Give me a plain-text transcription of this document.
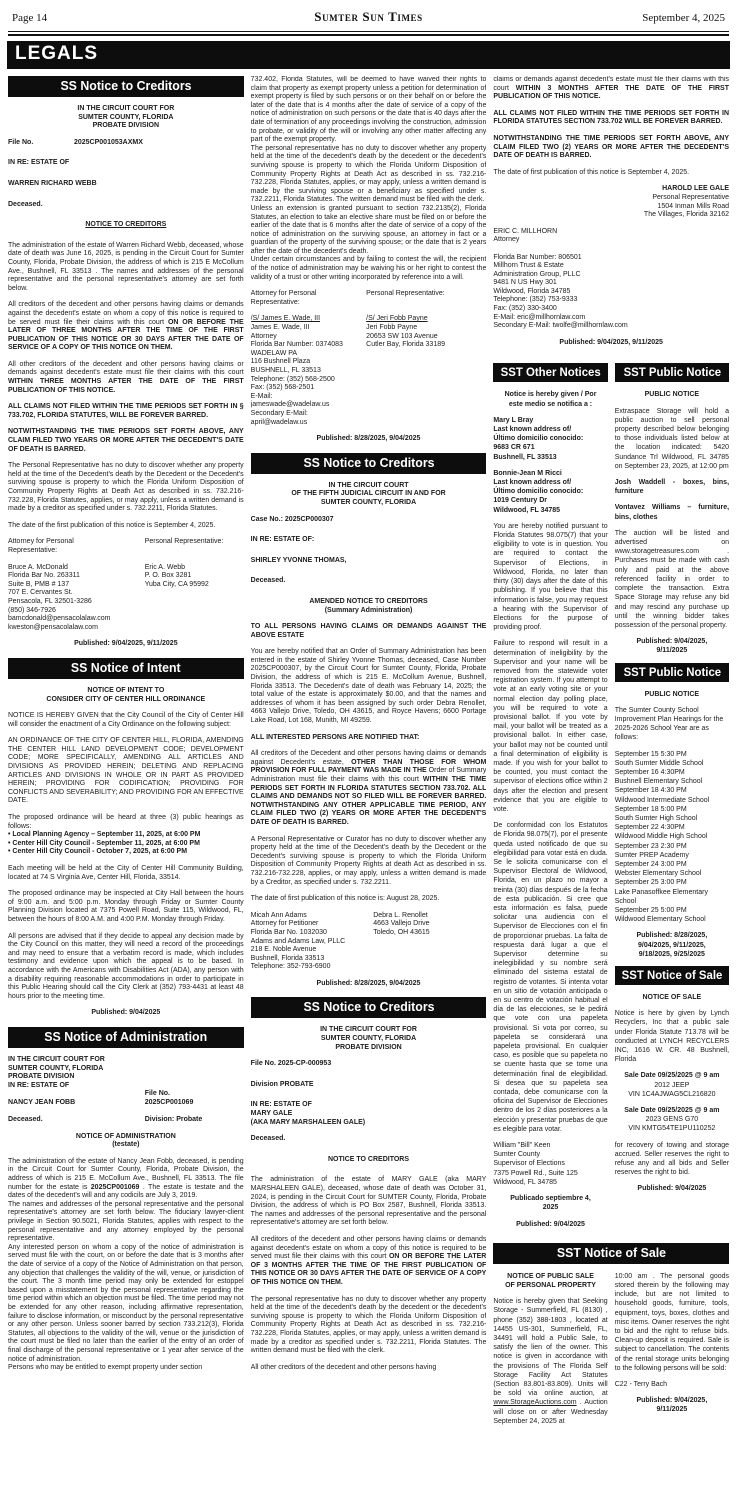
Page 14	Sumter Sun Times	September 4, 2025
LEGALS
SS Notice to Creditors
IN THE CIRCUIT COURT FOR
SUMTER COUNTY, FLORIDA
PROBATE DIVISION
File No.	2025CP001053AXMX
IN RE: ESTATE OF
WARREN RICHARD WEBB
Deceased.
NOTICE TO CREDITORS
The administration of the estate of Warren Richard Webb, deceased, whose date of death was June 16, 2025, is pending in the Circuit Court for Sumter County, Florida, Probate Division, the address of which is 215 E McCollum Ave., Bushnell, FL 33513 . The names and addresses of the personal representative and the personal representative's attorney are set forth below.
All creditors of the decedent and other persons having claims or demands against the decedent's estate on whom a copy of this notice is required to be served must file their claims with this court ON OR BEFORE THE LATER OF THREE MONTHS AFTER THE TIME OF THE FIRST PUBLICATION OF THIS NOTICE OR 30 DAYS AFTER THE DATE OF SERVICE OF A COPY OF THIS NOTICE ON THEM.
All other creditors of the decedent and other persons having claims or demands against decedent's estate must file their claims with this court WITHIN THREE MONTHS AFTER THE DATE OF THE FIRST PUBLICATION OF THIS NOTICE.
ALL CLAIMS NOT FILED WITHIN THE TIME PERIODS SET FORTH IN § 733.702, FLORIDA STATUTES, WILL BE FOREVER BARRED.
NOTWITHSTANDING THE TIME PERIODS SET FORTH ABOVE, ANY CLAIM FILED TWO YEARS OR MORE AFTER THE DECEDENT'S DATE OF DEATH IS BARRED.
The Personal Representative has no duty to discover whether any property held at the time of the Decedent's death by the Decedent or the Decedent's surviving spouse is property to which the Florida Uniform Disposition of Community Property Rights at Death Act as described in ss. 732.216-732.228, Florida Statutes, applies, or may apply, unless a written demand is made by a creditor as specified under s. 732.2211, Florida Statutes.
The date of the first publication of this notice is September 4, 2025.
Attorney for Personal
Representative:
Personal Representative:
Bruce A. McDonald
Florida Bar No. 263311
Suite B, PMB # 137
707 E. Cervantes St.
Pensacola, FL 32501-3286
(850) 346-7926
bamcdonald@pensacolalaw.com
kweston@pensacolalaw.com
Eric A. Webb
P. O. Box 3281
Yuba City, CA 95992
Published: 9/04/2025, 9/11/2025
SS Notice of Intent
NOTICE OF INTENT TO
CONSIDER CITY OF CENTER HILL ORDINANCE
NOTICE IS HEREBY GIVEN that the City Council of the City of Center Hill will consider the enactment of a City Ordinance on the following subject:
AN ORDINANCE OF THE CITY OF CENTER HILL, FLORIDA, AMENDING THE CENTER HILL LAND DEVELOPMENT CODE; DEVELOPMENT CODE; MORE SPECIFICALLY, AMENDING ALL ARTICLES AND DIVISIONS AS PROVIDED HEREIN; DELETING AND REPLACING ARTICLES AND DIVISIONS IN WHOLE OR IN PART AS PROVIDED HEREIN; PROVIDING FOR CODIFICATION; PROVIDING FOR CONFLICTS AND SEVERABILITY; AND PROVIDING FOR AN EFFECTIVE DATE.
The proposed ordinance will be heard at three (3) public hearings as follows:
• Local Planning Agency – September 11, 2025, at 6:00 PM
• Center Hill City Council - September 11, 2025, at 6:00 PM
• Center Hill City Council - October 7, 2025, at 6:00 PM
Each meeting will be held at the City of Center Hill Community Building, located at 74 S Virginia Ave, Center Hill, Florida, 33514.
The proposed ordinance may be inspected at City Hall between the hours of 9:00 a.m. and 5:00 p.m. Monday through Friday or Sumter County Planning Division located at 7375 Powell Road, Suite 115, Wildwood, FL, between the hours of 8:00 A.M. and 4:00 P.M. Monday through Friday.
All persons are advised that if they decide to appeal any decision made by the City Council on this matter, they will need a record of the proceedings and may need to ensure that a verbatim record is made, which includes testimony and evidence upon which the appeal is to be based. In accordance with the Americans with Disabilities Act (ADA), any person with a disability requiring reasonable accommodations in order to participate in this Public Hearing should call the City Clerk at (352) 793-4431 at least 48 hours prior to the meeting time.
Published: 9/04/2025
SS Notice of Administration
IN THE CIRCUIT COURT FOR
SUMTER COUNTY, FLORIDA
PROBATE DIVISION
IN RE: ESTATE OF

NANCY JEAN FOBB

Deceased.
File No.
2025CP001069

Division: Probate
NOTICE OF ADMINISTRATION
(testate)
The administration of the estate of Nancy Jean Fobb, deceased, is pending in the Circuit Court for Sumter County, Florida, Probate Division, the address of which is 215 E. McCollum Ave., Bushnell, FL 33513. The file number for the estate is 2025CP001069 . The estate is testate and the dates of the decedent's will and any codicils are July 3, 2019.
The names and addresses of the personal representative and the personal representative's attorney are set forth below. The fiduciary lawyer-client privilege in Section 90.5021, Florida Statutes, applies with respect to the personal representative and any attorney employed by the personal representative.
Any interested person on whom a copy of the notice of administration is served must file with the court, on or before the date that is 3 months after the date of service of a copy of the Notice of Administration on that person, any objection that challenges the validity of the will, venue, or jurisdiction of the court. The 3 month time period may only be extended for estoppel based upon a misstatement by the personal representative regarding the time period within which an objection must be filed. The time period may not be extended for any other reason, including affirmative representation, failure to disclose information, or misconduct by the personal representative or any other person. Unless sooner barred by section 733.212(3), Florida Statutes, all objections to the validity of the will, venue or the jurisdiction of the court must be filed no later than the earlier of the entry of an order of final discharge of the personal representative or 1 year after service of the notice of administration.
Persons who may be entitled to exempt property under section
732.402, Florida Statutes, will be deemed to have waived their rights to claim that property as exempt property unless a petition for determination of exempt property is filed by such persons or on their behalf on or before the later of the date that is 4 months after the date of service of a copy of the notice of administration on such persons or the date that is 40 days after the date of termination of any proceedings involving the construction, admission to probate, or validity of the will or involving any other matter affecting any part of the exempt property.
The personal representative has no duty to discover whether any property held at the time of the decedent's death by the decedent or the decedent's surviving spouse is property to which the Florida Uniform Disposition of Community Property Rights at Death Act as described in ss. 732.216-732.228, Florida Statutes, applies, or may apply, unless a written demand is made by the surviving spouse or a beneficiary as specified under s. 732.2211, Florida Statutes. The written demand must be filed with the clerk.
Unless an extension is granted pursuant to section 732.2135(2), Florida Statutes, an election to take an elective share must be filed on or before the earlier of the date that is 6 months after the date of service of a copy of the notice of administration on the surviving spouse, an attorney in fact or a guardian of the property of the surviving spouse; or the date that is 2 years after the date of the decedent's death.
Under certain circumstances and by failing to contest the will, the recipient of the notice of administration may be waiving his or her right to contest the validity of a trust or other writing incorporated by reference into a will.
Attorney for Personal
Representative:
Personal Representative:
/S/ James E. Wade, III
James E. Wade, III
Attorney
Florida Bar Number: 0374083
WADELAW PA
116 Bushnell Plaza
BUSHNELL, FL 33513
Telephone: (352) 568-2500
Fax: (352) 568-2501
E-Mail:
jameswade@wadelaw.us
Secondary E-Mail:
april@wadelaw.us
/S/ Jeri Fobb Payne
Jeri Fobb Payne
20653 SW 103 Avenue
Cutler Bay, Florida 33189
Published: 8/28/2025, 9/04/2025
SS Notice to Creditors
IN THE CIRCUIT COURT
OF THE FIFTH JUDICIAL CIRCUIT IN AND FOR
SUMTER COUNTY, FLORIDA
Case No.: 2025CP000307
IN RE: ESTATE OF:
SHIRLEY YVONNE THOMAS,
Deceased.
AMENDED NOTICE TO CREDITORS
(Summary Administration)
TO ALL PERSONS HAVING CLAIMS OR DEMANDS AGAINST THE ABOVE ESTATE
You are hereby notified that an Order of Summary Administration has been entered in the estate of Shirley Yvonne Thomas, deceased, Case Number 2025CP000307, by the Circuit Court for Sumter County, Florida, Probate Division, the address of which is 215 E. McCollum Avenue, Bushnell, Florida 33513. The Decedent's date of death was February 14, 2025; the total value of the estate is approximately $0.00, and that the names and addresses of whom it has been assigned by such order Debra Renollet, 4663 Vallejo Drive, Toledo, OH 43615, and Royce Havens; 6600 Portage Lake Road, Lot 168, Munith, MI 49259.
ALL INTERESTED PERSONS ARE NOTIFIED THAT:
All creditors of the Decedent and other persons having claims or demands against Decedent's estate, OTHER THAN THOSE FOR WHOM PROVISION FOR FULL PAYMENT WAS MADE IN THE Order of Summary Administration must file their claims with this court WITHIN THE TIME PERIODS SET FORTH IN FLORIDA STATUTES SECTION 733.702. ALL CLAIMS AND DEMANDS NOT SO FILED WILL BE FOREVER BARRED. NOTWITHSTANDING ANY OTHER APPLICABLE TIME PERIOD, ANY CLAIM FILED TWO (2) YEARS OR MORE AFTER THE DECEDENT'S DATE OF DEATH IS BARRED.
A Personal Representative or Curator has no duty to discover whether any property held at the time of the Decedent's death by the Decedent or the Decedent's surviving spouse is property to which the Florida Uniform Disposition of Community Property Rights at death Act as described in ss. 732.216-732.228, applies, or may apply, unless a written demand is made by a Creditor, as specified under s. 732.2211.
The date of first publication of this notice is: August 28, 2025.
Micah Ann Adams
Attorney for Petitioner
Florida Bar No. 1032030
Adams and Adams Law, PLLC
218 E. Noble Avenue
Bushnell, Florida 33513
Telephone: 352-793-6900
Debra L. Renollet
4663 Vallejo Drive
Toledo, OH 43615
Published: 8/28/2025, 9/04/2025
SS Notice to Creditors
IN THE CIRCUIT COURT FOR
SUMTER COUNTY, FLORIDA
PROBATE DIVISION
File No. 2025-CP-000953
Division PROBATE
IN RE: ESTATE OF
MARY GALE
(AKA MARY MARSHALEEN GALE)
Deceased.
NOTICE TO CREDITORS
The administration of the estate of MARY GALE (aka MARY MARSHALEEN GALE), deceased, whose date of death was October 31, 2024, is pending in the Circuit Court for SUMTER County, Florida, Probate Division, the address of which is PO Box 2587, Bushnell, Florida 33513. The names and addresses of the personal representative and the personal representative's attorney are set forth below.
All creditors of the decedent and other persons having claims or demands against decedent's estate on whom a copy of this notice is required to be served must file their claims with this court ON OR BEFORE THE LATER OF 3 MONTHS AFTER THE TIME OF THE FIRST PUBLICATION OF THIS NOTICE OR 30 DAYS AFTER THE DATE OF SERVICE OF A COPY OF THIS NOTICE ON THEM.
The personal representative has no duty to discover whether any property held at the time of the decedent's death by the decedent or the decedent's surviving spouse is property to which the Florida Uniform Disposition of Community Property Rights at Death Act as described in ss. 732.216-732.228, Florida Statutes, applies, or may apply, unless a written demand is made by a creditor as specified under s. 732.2211, Florida Statutes. The written demand must be filed with the clerk.
All other creditors of the decedent and other persons having
claims or demands against decedent's estate must file their claims with this court WITHIN 3 MONTHS AFTER THE DATE OF THE FIRST PUBLICATION OF THIS NOTICE.
ALL CLAIMS NOT FILED WITHIN THE TIME PERIODS SET FORTH IN FLORIDA STATUTES SECTION 733.702 WILL BE FOREVER BARRED.
NOTWITHSTANDING THE TIME PERIODS SET FORTH ABOVE, ANY CLAIM FILED TWO (2) YEARS OR MORE AFTER THE DECEDENT'S DATE OF DEATH IS BARRED.
The date of first publication of this notice is September 4, 2025.
HAROLD LEE GALE
Personal Representative
1504 Inman Mills Road
The Villages, Florida 32162
ERIC C. MILLHORN
Attorney

Florida Bar Number: 806501
Millhorn Trust & Estate
Administration Group, PLLC
9481 N US Hwy 301
Wildwood, Florida 34785
Telephone: (352) 753-9333
Fax: (352) 330-3400
E-Mail: eric@millhornlaw.com
Secondary E-Mail: twolfe@millhornlaw.com
Published: 9/04/2025, 9/11/2025
SST Other Notices
Notice is hereby given / Por
este medio se notifica a :
Mary L Bray
Last known address of/
Último domicilio conocido:
9683 CR 671
Bushnell, FL 33513
Bonnie-Jean M Ricci
Last known address of/
Último domicilio conocido:
1019 Century Dr
Wildwood, FL 34785
You are hereby notified pursuant to Florida Statutes 98.075(7) that your eligibility to vote is in question. You are required to contact the Supervisor of Elections, in Wildwood, Florida, no later than thirty (30) days after the date of this publishing. If you believe that this information is false, you may request a hearing with the Supervisor of Elections for the purpose of providing proof.
Failure to respond will result in a determination of ineligibility by the Supervisor and your name will be removed from the statewide voter registration system. If you attempt to vote at an early voting site or your normal election day polling place, you will be required to vote a provisional ballot. If you vote by mail, your ballot will be treated as a provisional ballot. In either case, your ballot may not be counted until a final determination of eligibility is made. If you wish for your ballot to be counted, you must contact the supervisor of elections office within 2 days after the election and present evidence that you are eligible to vote.
De conformidad con los Estatutos de Florida 98.075(7), por el presente queda usted notificado de que su elegibilidad para votar está en duda. Se le solicita comunicarse con el Supervisor Electoral de Wildwood, Florida, en un plazo no mayor a treinta (30) días después de la fecha de esta publicación. Si cree que esta información es falsa, puede solicitar una audiencia con el Supervisor de Elecciones con el fin de proporcionar pruebas. La falta de respuesta dará lugar a que el Supervisor determine su inelegibilidad y su nombre será eliminado del sistema estatal de registro de votantes. Si intenta votar en un sitio de votación anticipada o en su centro de votación habitual el día de las elecciones, se le pedirá que vote con una papeleta provisional. Si vota por correo, su papeleta se considerará una papeleta provisional. En cualquier caso, es posible que su papeleta no se cuente hasta que se tome una determinación final de elegibilidad. Si desea que su papeleta sea contada, debe comunicarse con la oficina del Supervisor de Elecciones dentro de los 2 días posteriores a la elección y presentar pruebas de que es elegible para votar.
William "Bill" Keen
Sumter County
Supervisor of Elections
7375 Powell Rd., Suite 125
Wildwood, FL 34785
Publicado septiembre 4,
2025
Published: 9/04/2025
SST Public Notice
PUBLIC NOTICE
Extraspace Storage will hold a public auction to sell personal property described below belonging to those individuals listed below at the location indicated: 5420 Sundance Trl Wildwood, FL 34785 on September 23, 2025, at 12:00 pm
Josh Waddell - boxes, bins, furniture
Vontavez Williams – furniture, bins, clothes
The auction will be listed and advertised on www.storagetreasures.com . Purchases must be made with cash only and paid at the above referenced facility in order to complete the transaction. Extra Space Storage may refuse any bid and may rescind any purchase up until the winning bidder takes possession of the personal property.
Published: 9/04/2025,
9/11/2025
SST Public Notice
PUBLIC NOTICE
The Sumter County School Improvement Plan Hearings for the 2025-2026 School Year are as follows:
September 15 5:30 PM
South Sumter Middle School
September 16 4:30PM
Bushnell Elementary School
September 18 4:30 PM
Wildwood Intermediate School
September 18 5:00 PM
South Sumter High School
September 22 4:30PM
Wildwood Middle High School
September 23 2:30 PM
Sumter PREP Academy
September 24 3:00 PM
Webster Elementary School
September 25 3:00 PM
Lake Panasoffkee Elementary School
September 25 5:00 PM
Wildwood Elementary School
Published: 8/28/2025,
9/04/2025, 9/11/2025,
9/18/2025, 9/25/2025
SST Notice of Sale
NOTICE OF SALE
Notice is here by given by Lynch Recyclers, Inc that a public sale under Florida Statute 713.78 will be conducted at LYNCH RECYCLERS INC, 1616 W. CR. 48 Bushnell, Florida
Sale Date 09/25/2025 @ 9 am
2012 JEEP
VIN 1C4AJWAG5CL216820
Sale Date 09/25/2025 @ 9 am
2023 GENS G70
VIN KMTG54TE1PU110252
for recovery of towing and storage accrued. Seller reserves the right to refuse any and all bids and Seller reserves the right to bid.
Published: 9/04/2025
SST Notice of Sale
NOTICE OF PUBLIC SALE
OF PERSONAL PROPERTY
Notice is hereby given that Seeking Storage - Summerfield, FL (8130) , phone (352) 388-1803 , located at 14455 US-301, Summerfield, FL, 34491 will hold a Public Sale, to satisfy the lien of the owner. This notice is given in accordance with the provisions of The Florida Self Storage Facility Act Statutes (Section 83.801-83.809). Units will be sold via online auction, at www.StorageAuctions.com . Auction will close on or after Wednesday September 24, 2025 at
10:00 am . The personal goods stored therein by the following may include, but are not limited to household goods, furniture, tools, equipment, toys, boxes, clothes and misc items. Owner reserves the right to bid and the right to refuse bids. Clean-up deposit is required. Sale is subject to cancellation. The contents of the rental storage units belonging to the following persons will be sold:
C22 - Terry Bach
Published: 9/04/2025,
9/11/2025
